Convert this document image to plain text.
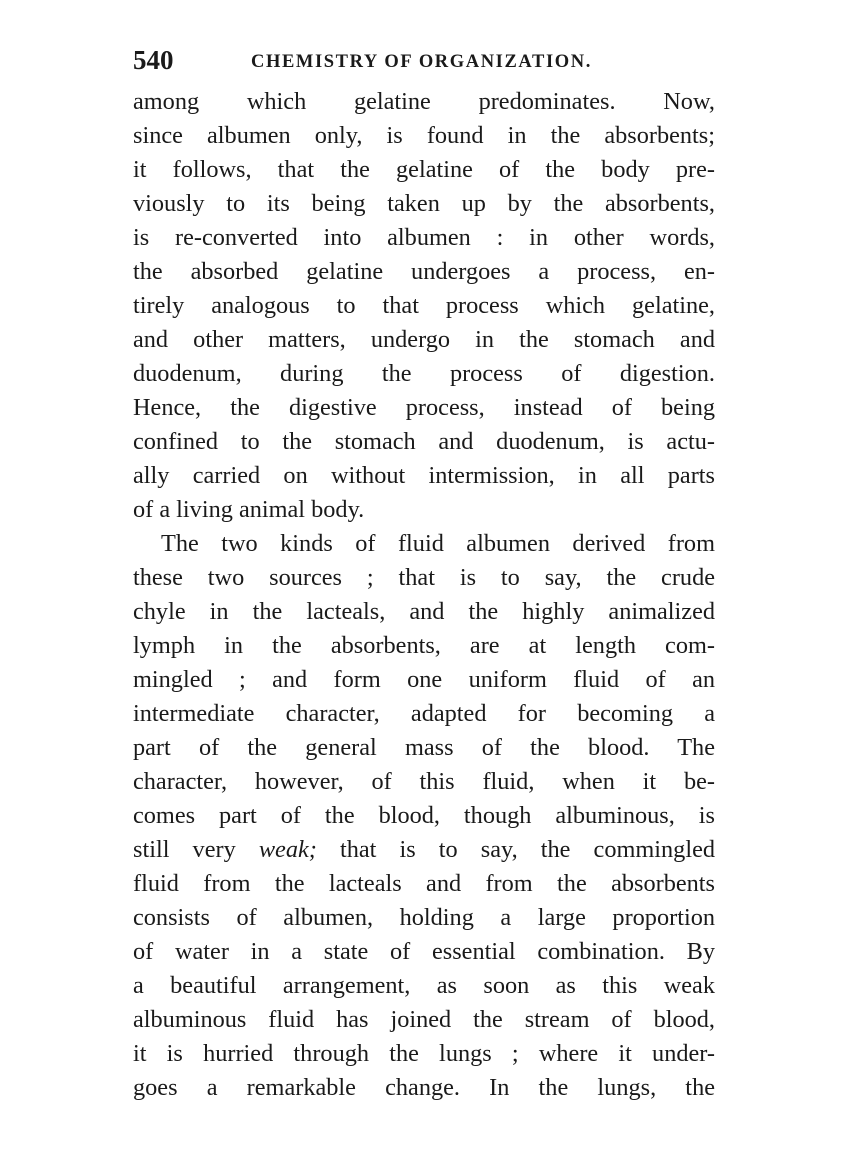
540	CHEMISTRY OF ORGANIZATION.
among which gelatine predominates. Now,
since albumen only, is found in the absorbents;
it follows, that the gelatine of the body pre-
viously to its being taken up by the absorbents,
is re-converted into albumen : in other words,
the absorbed gelatine undergoes a process, en-
tirely analogous to that process which gelatine,
and other matters, undergo in the stomach and
duodenum, during the process of digestion.
Hence, the digestive process, instead of being
confined to the stomach and duodenum, is actu-
ally carried on without intermission, in all parts
of a living animal body.
The two kinds of fluid albumen derived from
these two sources ; that is to say, the crude
chyle in the lacteals, and the highly animalized
lymph in the absorbents, are at length com-
mingled ; and form one uniform fluid of an
intermediate character, adapted for becoming a
part of the general mass of the blood. The
character, however, of this fluid, when it be-
comes part of the blood, though albuminous, is
still very weak; that is to say, the commingled
fluid from the lacteals and from the absorbents
consists of albumen, holding a large proportion
of water in a state of essential combination. By
a beautiful arrangement, as soon as this weak
albuminous fluid has joined the stream of blood,
it is hurried through the lungs ; where it under-
goes a remarkable change. In the lungs, the
